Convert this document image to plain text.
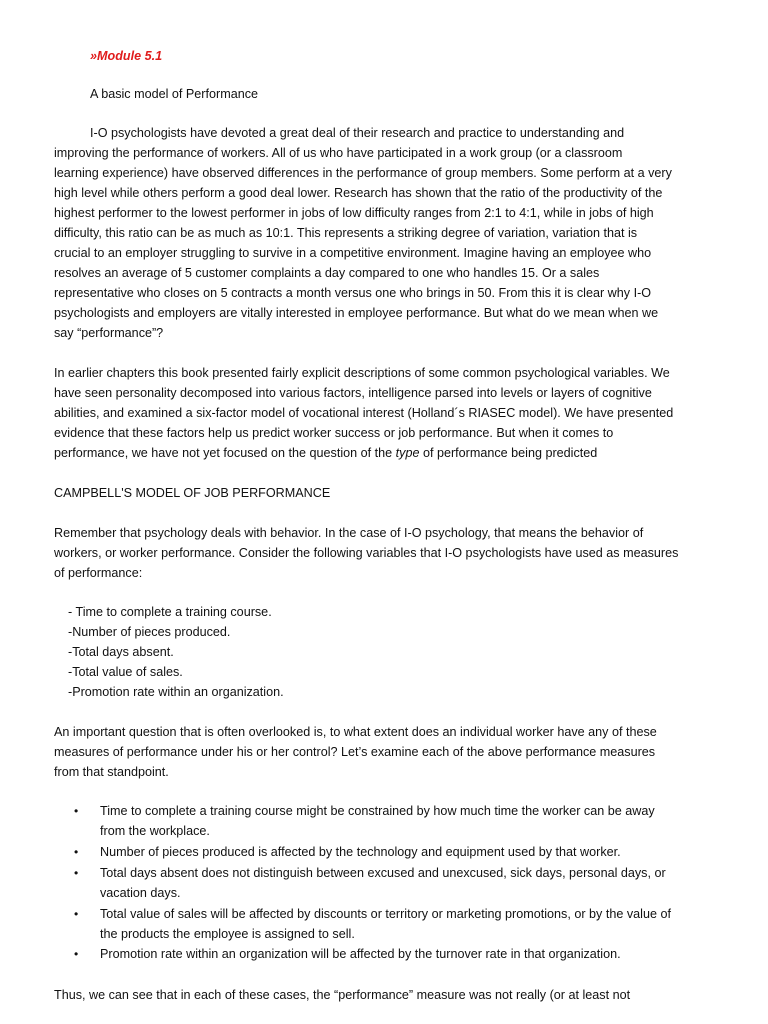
»Module 5.1
A basic model of Performance
I-O psychologists have devoted a great deal of their research and practice to understanding and
improving the performance of workers. All of us who have participated in a work group (or a classroom
learning experience) have observed differences in the performance of group members. Some perform at a very
high level while others perform a good deal lower. Research has shown that the ratio of the productivity of the
highest performer to the lowest performer in jobs of low difficulty ranges from 2:1 to 4:1, while in jobs of high
difficulty, this ratio can be as much as 10:1. This represents a striking degree of variation, variation that is
crucial to an employer struggling to survive in a competitive environment. Imagine having an employee who
resolves an average of 5 customer complaints a day compared to one who handles 15. Or a sales
representative who closes on 5 contracts a month versus one who brings in 50. From this it is clear why I-O
psychologists and employers are vitally interested in employee performance. But what do we mean when we
say “performance”?
In earlier chapters this book presented fairly explicit descriptions of some common psychological variables. We
have seen personality decomposed into various factors, intelligence parsed into levels or layers of cognitive
abilities, and examined a six-factor model of vocational interest (Holland´s RIASEC model). We have presented
evidence that these factors help us predict worker success or job performance. But when it comes to
performance, we have not yet focused on the question of the type of performance being predicted
CAMPBELL'S MODEL OF JOB PERFORMANCE
Remember that psychology deals with behavior. In the case of I-O psychology, that means the behavior of
workers, or worker performance. Consider the following variables that I-O psychologists have used as measures
of performance:
- Time to complete a training course.
-Number of pieces produced.
-Total days absent.
-Total value of sales.
-Promotion rate within an organization.
An important question that is often overlooked is, to what extent does an individual worker have any of these
measures of performance under his or her control? Let’s examine each of the above performance measures
from that standpoint.
• Time to complete a training course might be constrained by how much time the worker can be away
from the workplace.
• Number of pieces produced is affected by the technology and equipment used by that worker.
• Total days absent does not distinguish between excused and unexcused, sick days, personal days, or
vacation days.
• Total value of sales will be affected by discounts or territory or marketing promotions, or by the value of
the products the employee is assigned to sell.
• Promotion rate within an organization will be affected by the turnover rate in that organization.
Thus, we can see that in each of these cases, the “performance” measure was not really (or at least not
